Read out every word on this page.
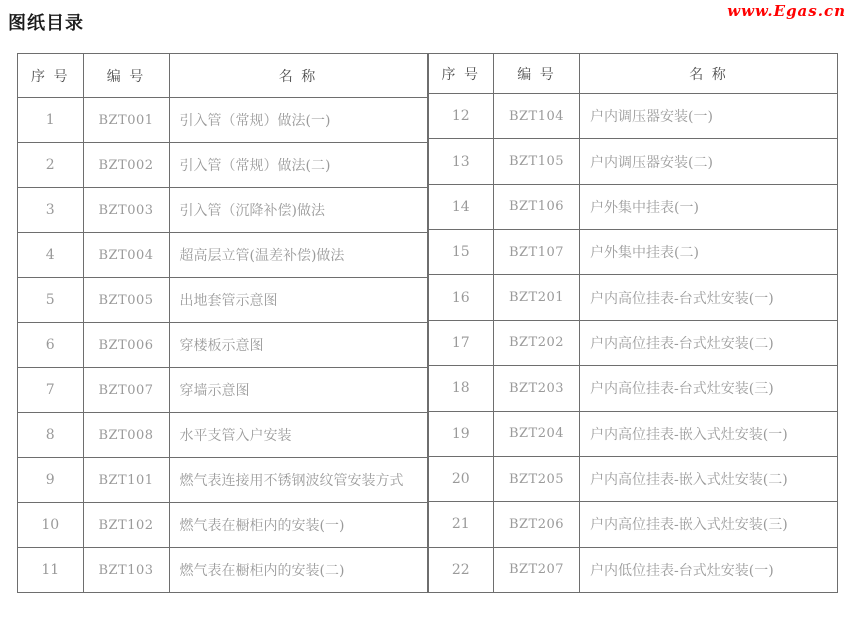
图纸目录
www.Egas.cn
序 号	编 号	名 称
1	BZT001	引入管（常规）做法(一)
2	BZT002	引入管（常规）做法(二)
3	BZT003	引入管（沉降补偿)做法
4	BZT004	超高层立管(温差补偿)做法
5	BZT005	出地套管示意图
6	BZT006	穿楼板示意图
7	BZT007	穿墙示意图
8	BZT008	水平支管入户安装
9	BZT101	燃气表连接用不锈钢波纹管安装方式
10	BZT102	燃气表在橱柜内的安装(一)
11	BZT103	燃气表在橱柜内的安装(二)
序 号	编 号	名 称
12	BZT104	户内调压器安装(一)
13	BZT105	户内调压器安装(二)
14	BZT106	户外集中挂表(一)
15	BZT107	户外集中挂表(二)
16	BZT201	户内高位挂表-台式灶安装(一)
17	BZT202	户内高位挂表-台式灶安装(二)
18	BZT203	户内高位挂表-台式灶安装(三)
19	BZT204	户内高位挂表-嵌入式灶安装(一)
20	BZT205	户内高位挂表-嵌入式灶安装(二)
21	BZT206	户内高位挂表-嵌入式灶安装(三)
22	BZT207	户内低位挂表-台式灶安装(一)
